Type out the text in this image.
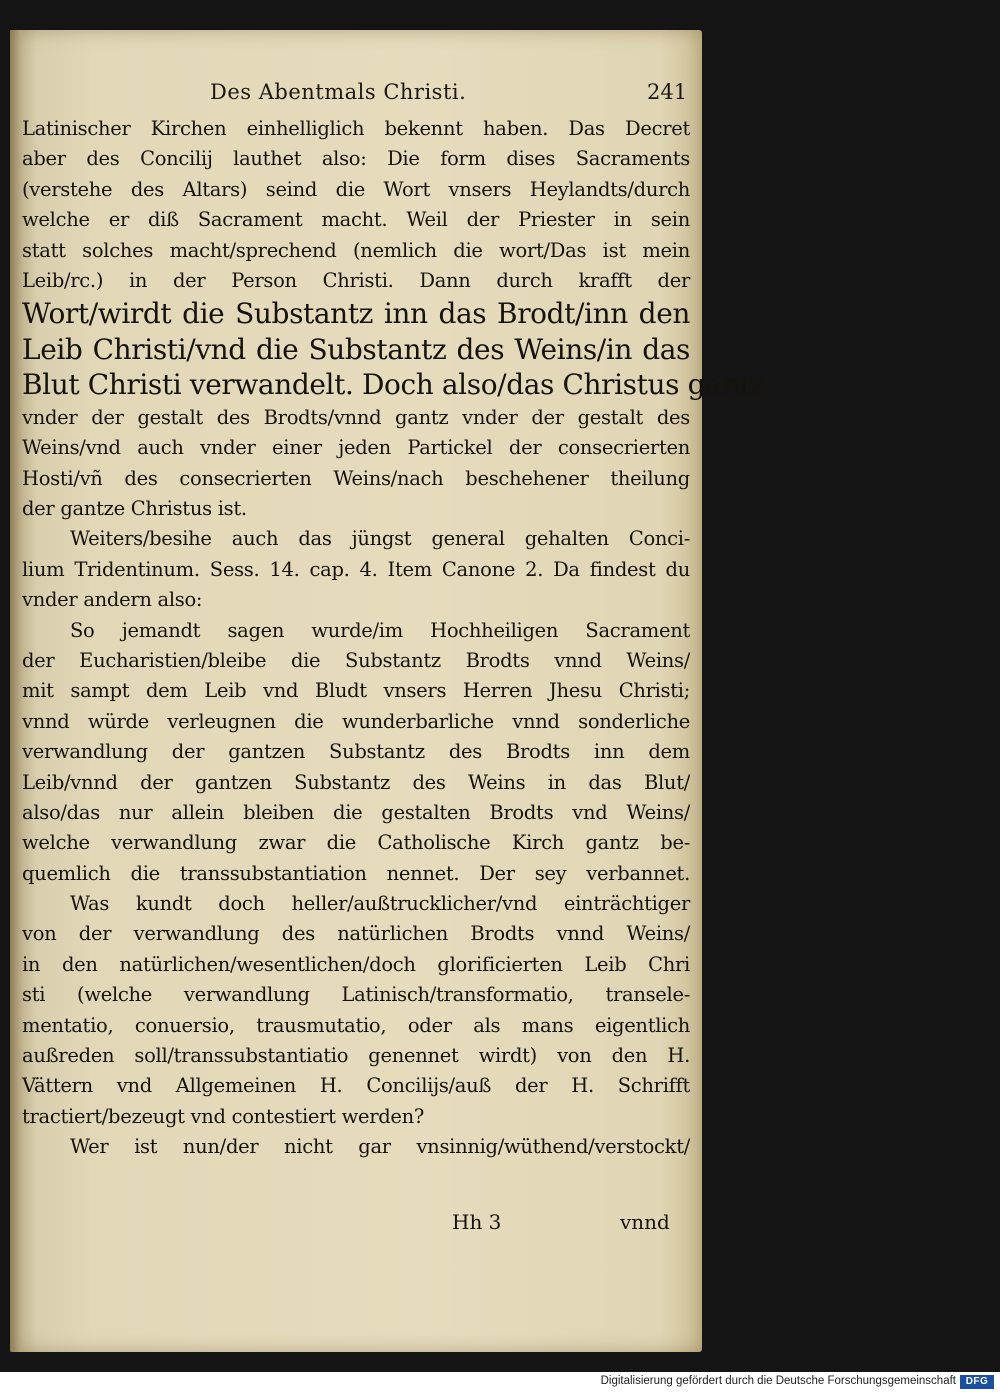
Des Abentmals Christi.	241
Latinischer Kirchen einhelliglich bekennt haben. Das Decret
aber des Concilij lauthet also: Die form dises Sacraments
(verstehe des Altars) seind die Wort vnsers Heylandts/durch
welche er diß Sacrament macht. Weil der Priester in sein
statt solches macht/sprechend (nemlich die wort/Das ist mein
Leib/rc.) in der Person Christi. Dann durch krafft der
Wort/wirdt die Substantz inn das Brodt/inn den
Leib Christi/vnd die Substantz des Weins/in das
Blut Christi verwandelt. Doch also/das Christus gantz
vnder der gestalt des Brodts/vnnd gantz vnder der gestalt des
Weins/vnd auch vnder einer jeden Partickel der consecrierten
Hosti/vñ des consecrierten Weins/nach beschehener theilung
der gantze Christus ist.
Weiters/besihe auch das jüngst general gehalten Conci-
lium Tridentinum. Sess. 14. cap. 4. Item Canone 2. Da findest du
vnder andern also:
So jemandt sagen wurde/im Hochheiligen Sacrament
der Eucharistien/bleibe die Substantz Brodts vnnd Weins/
mit sampt dem Leib vnd Bludt vnsers Herren Jhesu Christi;
vnnd würde verleugnen die wunderbarliche vnnd sonderliche
verwandlung der gantzen Substantz des Brodts inn dem
Leib/vnnd der gantzen Substantz des Weins in das Blut/
also/das nur allein bleiben die gestalten Brodts vnd Weins/
welche verwandlung zwar die Catholische Kirch gantz be-
quemlich die transsubstantiation nennet. Der sey verbannet.
Was kundt doch heller/außtrucklicher/vnd einträchtiger
von der verwandlung des natürlichen Brodts vnnd Weins/
in den natürlichen/wesentlichen/doch glorificierten Leib Chri
sti (welche verwandlung Latinisch/transformatio, transele-
mentatio, conuersio, trausmutatio, oder als mans eigentlich
außreden soll/transsubstantiatio genennet wirdt) von den H.
Vättern vnd Allgemeinen H. Concilijs/auß der H. Schrifft
tractiert/bezeugt vnd contestiert werden?
Wer ist nun/der nicht gar vnsinnig/wüthend/verstockt/
Hh 3	vnnd
Digitalisierung gefördert durch die Deutsche Forschungsgemeinschaft DFG
